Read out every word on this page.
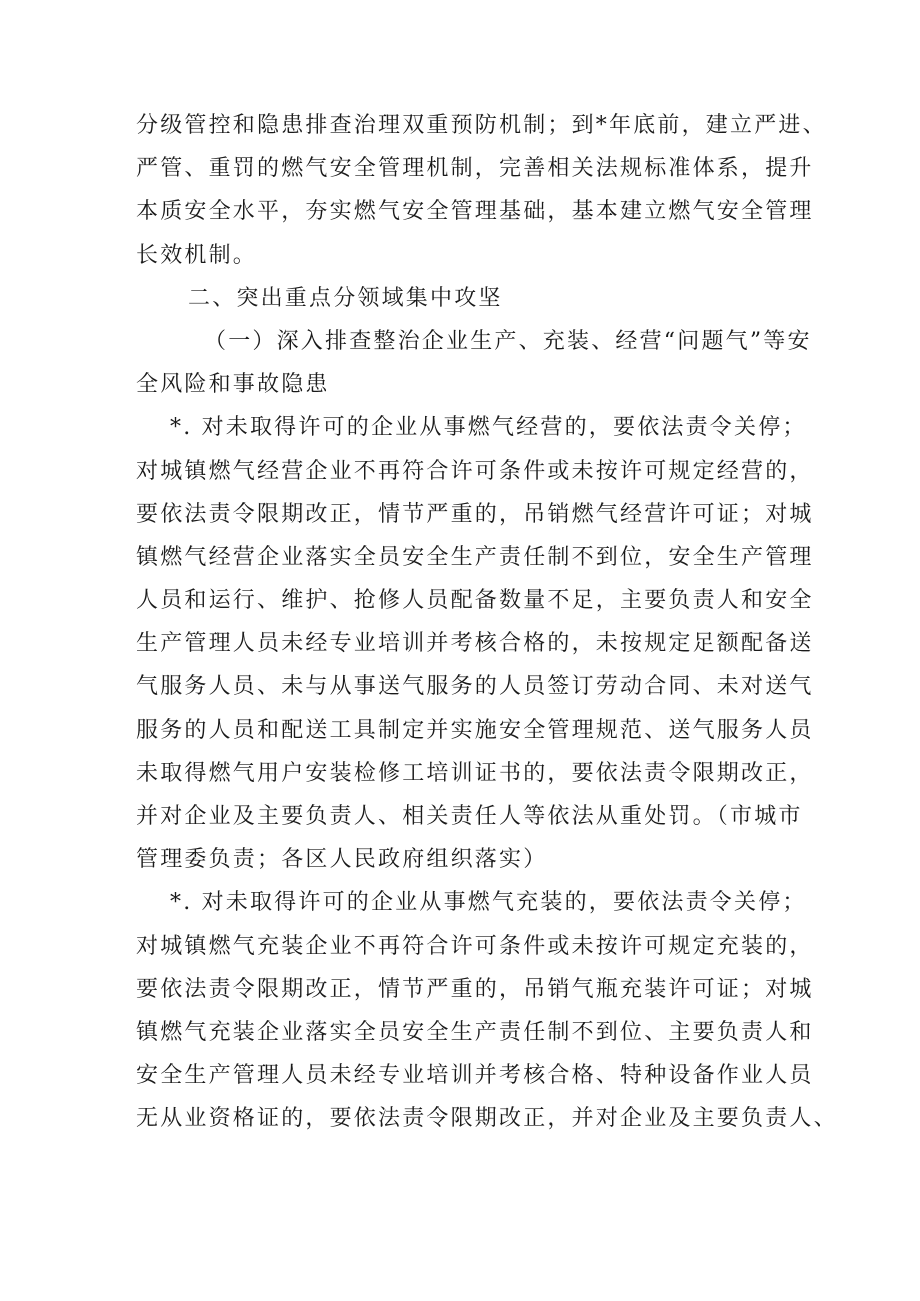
分级管控和隐患排查治理双重预防机制；到*年底前，建立严进、
严管、重罚的燃气安全管理机制，完善相关法规标准体系，提升
本质安全水平，夯实燃气安全管理基础，基本建立燃气安全管理
长效机制。
二、突出重点分领域集中攻坚
（一）深入排查整治企业生产、充装、经营“问题气”等安
全风险和事故隐患
*. 对未取得许可的企业从事燃气经营的，要依法责令关停；
对城镇燃气经营企业不再符合许可条件或未按许可规定经营的，
要依法责令限期改正，情节严重的，吊销燃气经营许可证；对城
镇燃气经营企业落实全员安全生产责任制不到位，安全生产管理
人员和运行、维护、抢修人员配备数量不足，主要负责人和安全
生产管理人员未经专业培训并考核合格的，未按规定足额配备送
气服务人员、未与从事送气服务的人员签订劳动合同、未对送气
服务的人员和配送工具制定并实施安全管理规范、送气服务人员
未取得燃气用户安装检修工培训证书的，要依法责令限期改正，
并对企业及主要负责人、相关责任人等依法从重处罚。（市城市
管理委负责；各区人民政府组织落实）
*. 对未取得许可的企业从事燃气充装的，要依法责令关停；
对城镇燃气充装企业不再符合许可条件或未按许可规定充装的，
要依法责令限期改正，情节严重的，吊销气瓶充装许可证；对城
镇燃气充装企业落实全员安全生产责任制不到位、主要负责人和
安全生产管理人员未经专业培训并考核合格、特种设备作业人员
无从业资格证的，要依法责令限期改正，并对企业及主要负责人、
